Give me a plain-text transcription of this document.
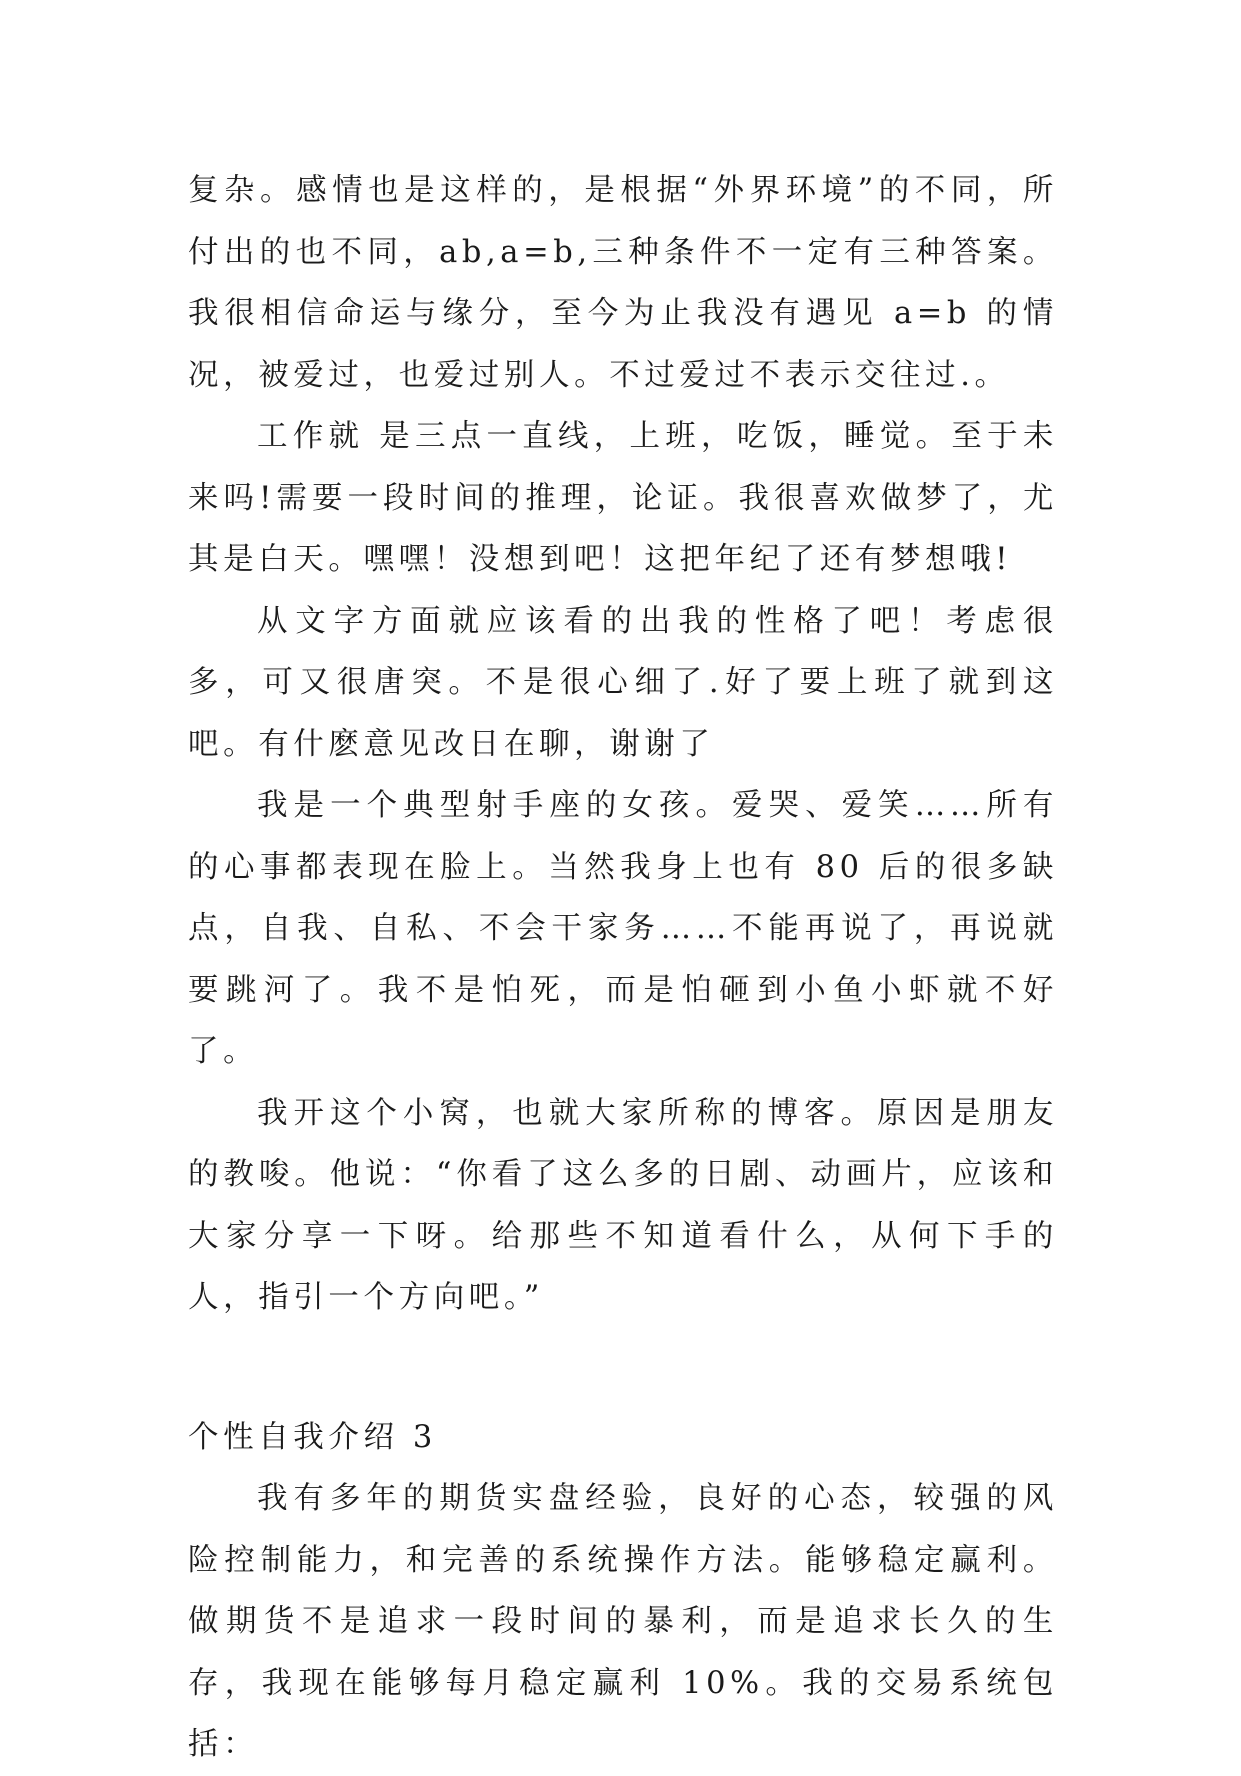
复杂。感情也是这样的，是根据“外界环境”的不同，所付出的也不同，ab,a=b,三种条件不一定有三种答案。我很相信命运与缘分，至今为止我没有遇见 a=b 的情况，被爱过，也爱过别人。不过爱过不表示交往过.。

工作就 是三点一直线，上班，吃饭，睡觉。至于未来吗!需要一段时间的推理，论证。我很喜欢做梦了，尤其是白天。嘿嘿！没想到吧！这把年纪了还有梦想哦!

从文字方面就应该看的出我的性格了吧！考虑很多，可又很唐突。不是很心细了.好了要上班了就到这吧。有什麽意见改日在聊，谢谢了

我是一个典型射手座的女孩。爱哭、爱笑……所有的心事都表现在脸上。当然我身上也有 80 后的很多缺点，自我、自私、不会干家务……不能再说了，再说就要跳河了。我不是怕死，而是怕砸到小鱼小虾就不好了。

我开这个小窝，也就大家所称的博客。原因是朋友的教唆。他说：“你看了这么多的日剧、动画片，应该和大家分享一下呀。给那些不知道看什么，从何下手的人，指引一个方向吧。”

个性自我介绍 3

我有多年的期货实盘经验，良好的心态，较强的风险控制能力，和完善的系统操作方法。能够稳定赢利。做期货不是追求一段时间的暴利，而是追求长久的生存，我现在能够每月稳定赢利 10%。我的交易系统包括：
